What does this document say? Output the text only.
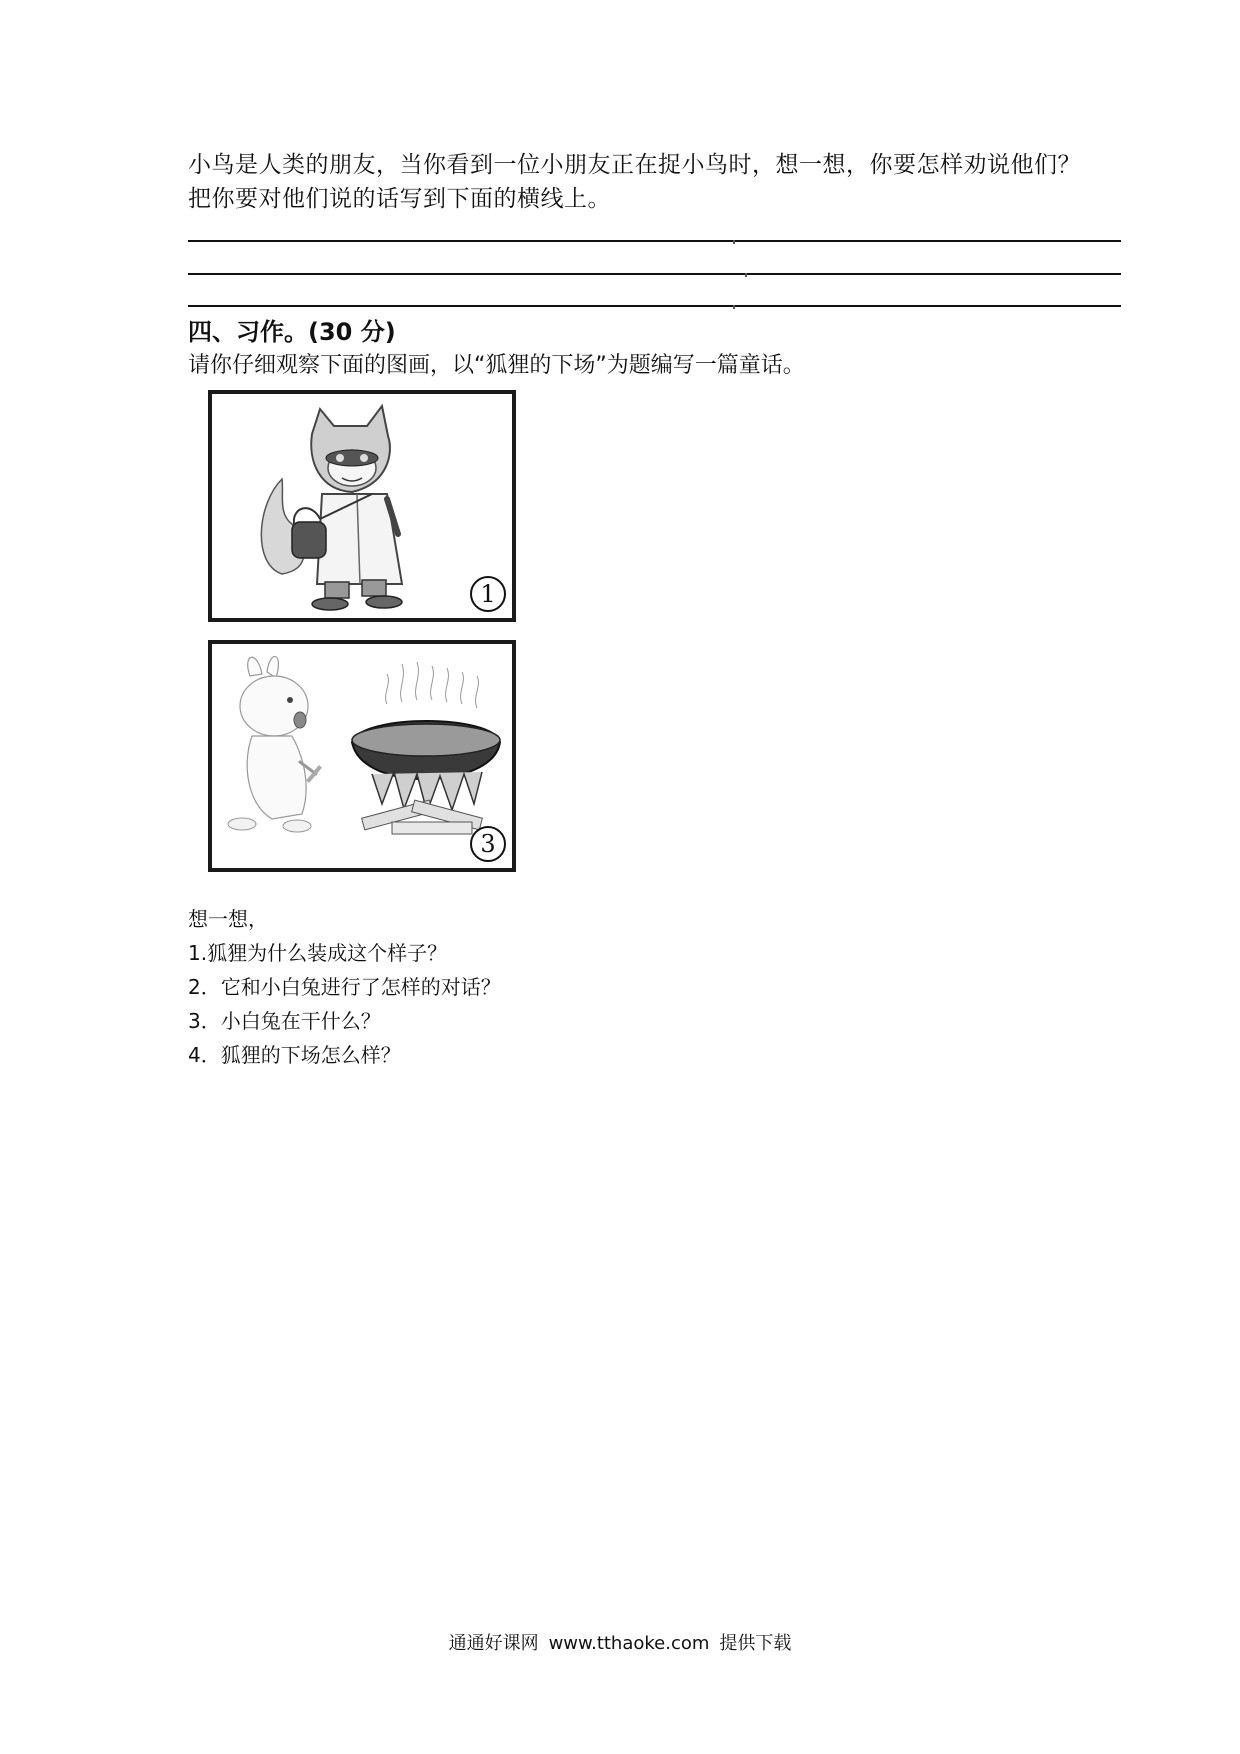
小鸟是人类的朋友，当你看到一位小朋友正在捉小鸟时，想一想，你要怎样劝说他们？
把你要对他们说的话写到下面的横线上。
四、习作。(30 分)
请你仔细观察下面的图画，以“狐狸的下场”为题编写一篇童话。
1
3
想一想，
1.狐狸为什么装成这个样子？
2．它和小白兔进行了怎样的对话？
3．小白兔在干什么？
4．狐狸的下场怎么样？
通通好课网 www.tthaoke.com 提供下载
